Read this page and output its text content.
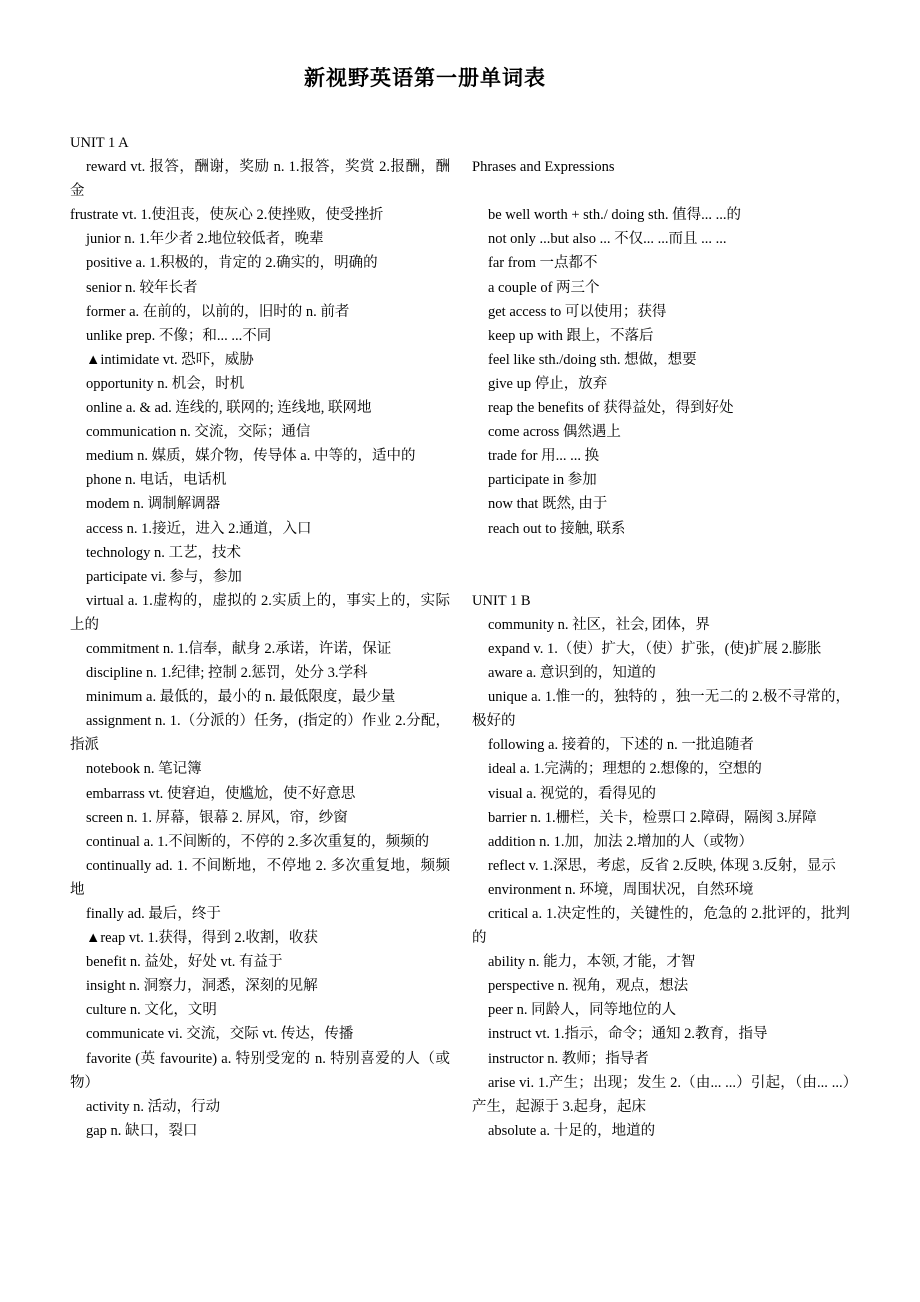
新视野英语第一册单词表
UNIT 1 A
reward vt. 报答，酬谢，奖励 n. 1.报答，奖赏 2.报酬，酬金
frustrate vt. 1.使沮丧，使灰心 2.使挫败，使受挫折
junior n. 1.年少者 2.地位较低者，晚辈
positive a. 1.积极的，肯定的 2.确实的，明确的
senior n. 较年长者
former a. 在前的，以前的，旧时的 n. 前者
unlike prep. 不像；和... ...不同
▲intimidate vt. 恐吓，威胁
opportunity n. 机会，时机
online a. & ad. 连线的, 联网的; 连线地, 联网地
communication n. 交流，交际；通信
medium n. 媒质，媒介物，传导体 a. 中等的，适中的
phone n. 电话，电话机
modem n. 调制解调器
access n. 1.接近，进入 2.通道，入口
technology n. 工艺，技术
participate vi. 参与，参加
virtual a. 1.虚构的，虚拟的 2.实质上的，事实上的，实际上的
commitment n. 1.信奉，献身 2.承诺，许诺，保证
discipline n. 1.纪律; 控制 2.惩罚，处分 3.学科
minimum a. 最低的，最小的 n. 最低限度，最少量
assignment n. 1.（分派的）任务，(指定的）作业 2.分配，指派
notebook n. 笔记簿
embarrass vt. 使窘迫，使尴尬，使不好意思
screen n. 1. 屏幕，银幕 2. 屏风，帘，纱窗
continual a. 1.不间断的，不停的 2.多次重复的，频频的
continually ad. 1. 不间断地，不停地 2. 多次重复地，频频地
finally ad. 最后，终于
▲reap vt. 1.获得，得到 2.收割，收获
benefit n. 益处，好处 vt. 有益于
insight n. 洞察力，洞悉，深刻的见解
culture n. 文化，文明
communicate vi. 交流，交际 vt. 传达，传播
favorite (英 favourite) a. 特别受宠的 n. 特别喜爱的人（或物）
activity n. 活动，行动
gap n. 缺口，裂口
Phrases and Expressions
be well worth + sth./ doing sth. 值得... ...的
not only ...but also ... 不仅... ...而且 ... ...
far from 一点都不
a couple of 两三个
get access to 可以使用；获得
keep up with 跟上，不落后
feel like sth./doing sth. 想做，想要
give up 停止，放弃
reap the benefits of 获得益处，得到好处
come across 偶然遇上
trade for 用... ... 换
participate in 参加
now that 既然, 由于
reach out to 接触, 联系
UNIT 1 B
community n. 社区，社会, 团体，界
expand v. 1.（使）扩大，（使）扩张，(使)扩展 2.膨胀
aware a. 意识到的，知道的
unique a. 1.惟一的，独特的 ，独一无二的 2.极不寻常的，极好的
following a. 接着的，下述的 n. 一批追随者
ideal a. 1.完满的；理想的 2.想像的，空想的
visual a. 视觉的，看得见的
barrier n. 1.栅栏，关卡，检票口 2.障碍，隔阂 3.屏障
addition n. 1.加，加法 2.增加的人（或物）
reflect v. 1.深思，考虑，反省 2.反映, 体现 3.反射，显示
environment n. 环境，周围状况，自然环境
critical a. 1.决定性的，关键性的，危急的 2.批评的，批判的
ability n. 能力，本领, 才能，才智
perspective n. 视角，观点，想法
peer n. 同龄人，同等地位的人
instruct vt. 1.指示，命令；通知 2.教育，指导
instructor n. 教师；指导者
arise vi. 1.产生；出现；发生 2.（由... ...）引起，（由... ...）产生，起源于 3.起身，起床
absolute a. 十足的，地道的
